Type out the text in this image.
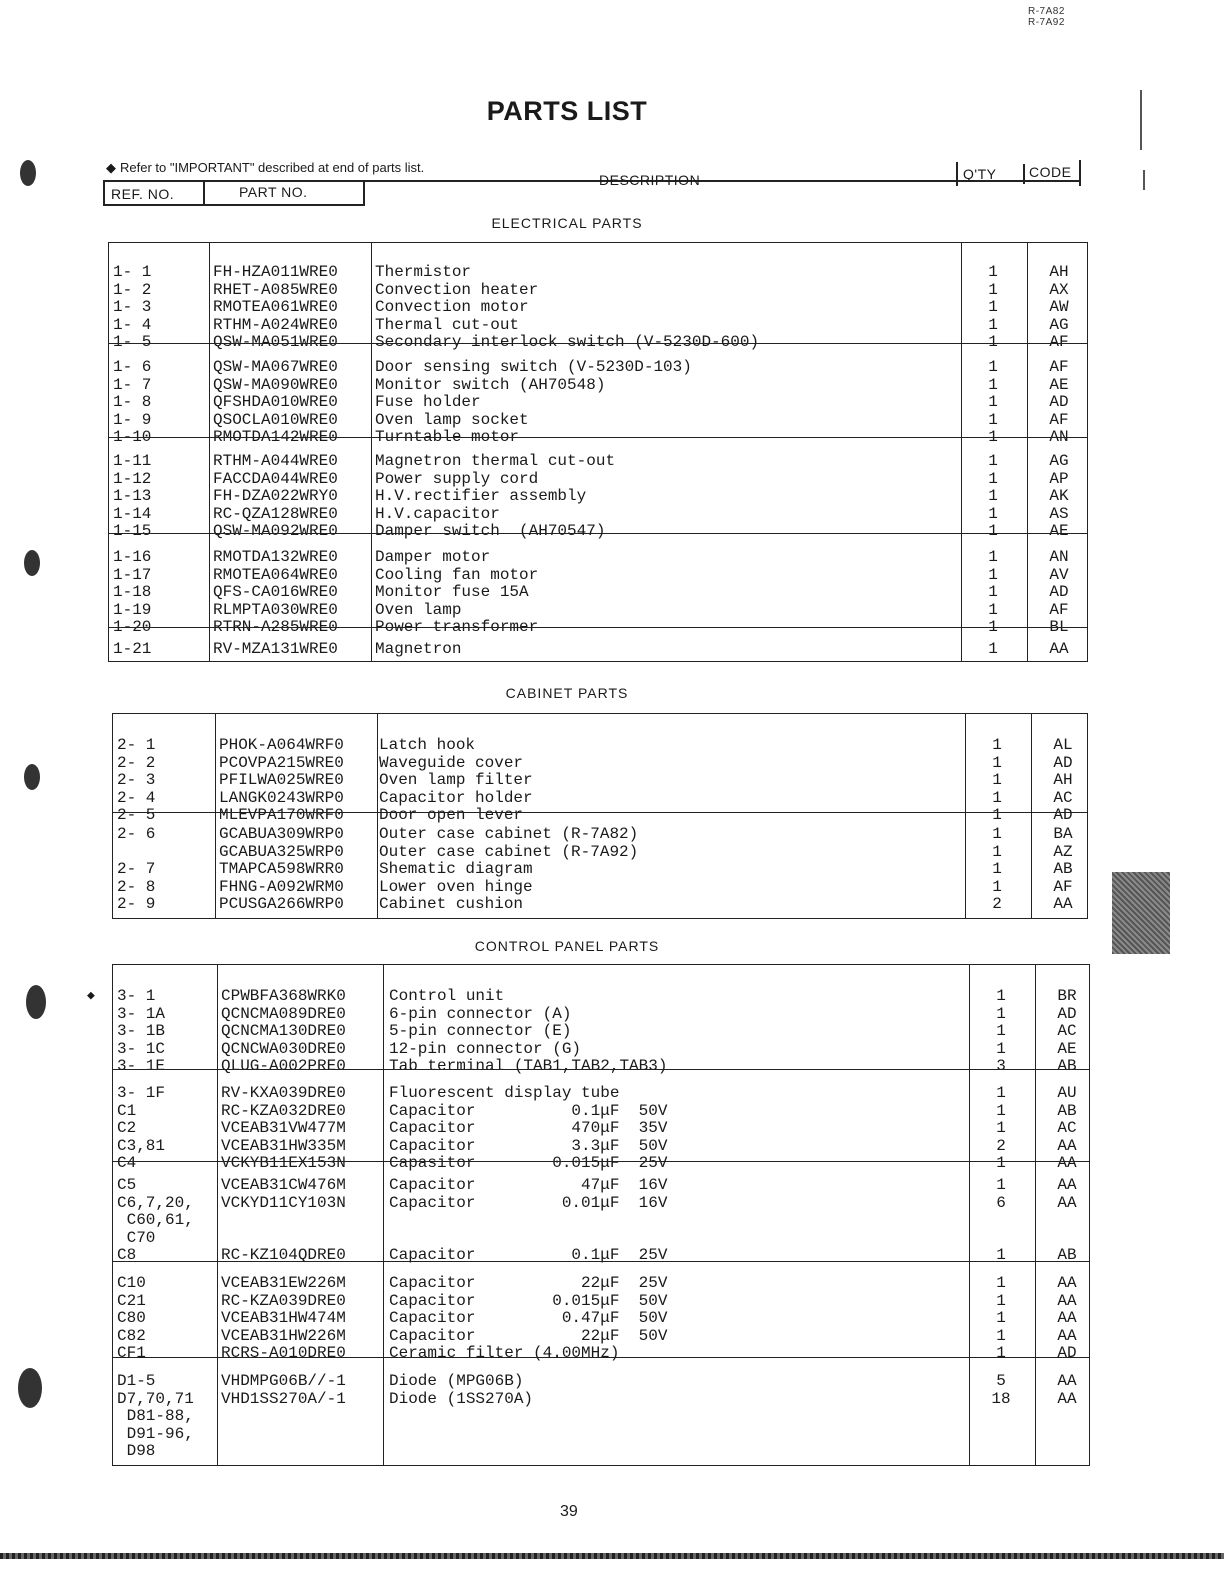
R-7A82
R-7A92
PARTS LIST
◆ Refer to "IMPORTANT" described at end of parts list.
REF. NO.	PART NO.
DESCRIPTION	Q'TY CODE
ELECTRICAL PARTS
CABINET PARTS
CONTROL PANEL PARTS
1- 1	FH-HZA011WRE0 Thermistor	1	AH
1- 2	RHET-A085WRE0 Convection heater	1	AX
1- 3	RMOTEA061WRE0 Convection motor	1	AW
1- 4	RTHM-A024WRE0 Thermal cut-out	1	AG
1- 5	QSW-MA051WRE0 Secondary interlock switch (V-5230D-600)	1	AF
1- 6	QSW-MA067WRE0 Door sensing switch (V-5230D-103)	1	AF
1- 7	QSW-MA090WRE0 Monitor switch (AH70548)	1	AE
1- 8	QFSHDA010WRE0 Fuse holder	1	AD
1- 9	QSOCLA010WRE0 Oven lamp socket	1	AF
1-10	RMOTDA142WRE0 Turntable motor	1	AN
1-11	RTHM-A044WRE0 Magnetron thermal cut-out	1	AG
1-12	FACCDA044WRE0 Power supply cord	1	AP
1-13	FH-DZA022WRY0 H.V.rectifier assembly	1	AK
1-14	RC-QZA128WRE0 H.V.capacitor	1	AS
1-15	QSW-MA092WRE0 Damper switch  (AH70547)	1	AE
1-16	RMOTDA132WRE0 Damper motor	1	AN
1-17	RMOTEA064WRE0 Cooling fan motor	1	AV
1-18	QFS-CA016WRE0 Monitor fuse 15A	1	AD
1-19	RLMPTA030WRE0 Oven lamp	1	AF
1-20	RTRN-A285WRE0 Power transformer	1	BL
1-21	RV-MZA131WRE0 Magnetron	1	AA
2- 1	PHOK-A064WRF0 Latch hook	1	AL
2- 2	PCOVPA215WRE0 Waveguide cover	1	AD
2- 3	PFILWA025WRE0 Oven lamp filter	1	AH
2- 4	LANGK0243WRP0 Capacitor holder	1	AC
2- 5	MLEVPA170WRF0 Door open lever	1	AD
2- 6	GCABUA309WRP0 Outer case cabinet (R-7A82)	1	BA
GCABUA325WRP0 Outer case cabinet (R-7A92)	1	AZ
2- 7	TMAPCA598WRR0 Shematic diagram	1	AB
2- 8	FHNG-A092WRM0 Lower oven hinge	1	AF
2- 9	PCUSGA266WRP0 Cabinet cushion	2	AA
3- 1	CPWBFA368WRK0	Control unit	1	BR
◆
3- 1A	QCNCMA089DRE0	6-pin connector (A)	1	AD
3- 1B	QCNCMA130DRE0	5-pin connector (E)	1	AC
3- 1C	QCNCWA030DRE0	12-pin connector (G)	1	AE
3- 1E	QLUG-A002PRE0	Tab terminal (TAB1,TAB2,TAB3)	3	AB
3- 1F	RV-KXA039DRE0	Fluorescent display tube	1	AU
C1	RC-KZA032DRE0	Capacitor          0.1μF  50V	1	AB
C2	VCEAB31VW477M	Capacitor          470μF  35V	1	AC
C3,81	VCEAB31HW335M	Capacitor          3.3μF  50V	2	AA
C4	VCKYB11EX153N	Capasitor        0.015μF  25V	1	AA
C5	VCEAB31CW476M	Capacitor           47μF  16V	1	AA
C6,7,20, VCKYD11CY103N	Capacitor         0.01μF  16V	6	AA
C60,61,
C70
C8	RC-KZ104QDRE0	Capacitor          0.1μF  25V	1	AB
C10	VCEAB31EW226M	Capacitor           22μF  25V	1	AA
C21	RC-KZA039DRE0	Capacitor        0.015μF  50V	1	AA
C80	VCEAB31HW474M	Capacitor         0.47μF  50V	1	AA
C82	VCEAB31HW226M	Capacitor           22μF  50V	1	AA
CF1	RCRS-A010DRE0	Ceramic filter (4.00MHz)	1	AD
D1-5	VHDMPG06B//-1	Diode (MPG06B)	5	AA
D7,70,71 VHD1SS270A/-1	Diode (1SS270A)	18	AA
D81-88,
D91-96,
D98
39
